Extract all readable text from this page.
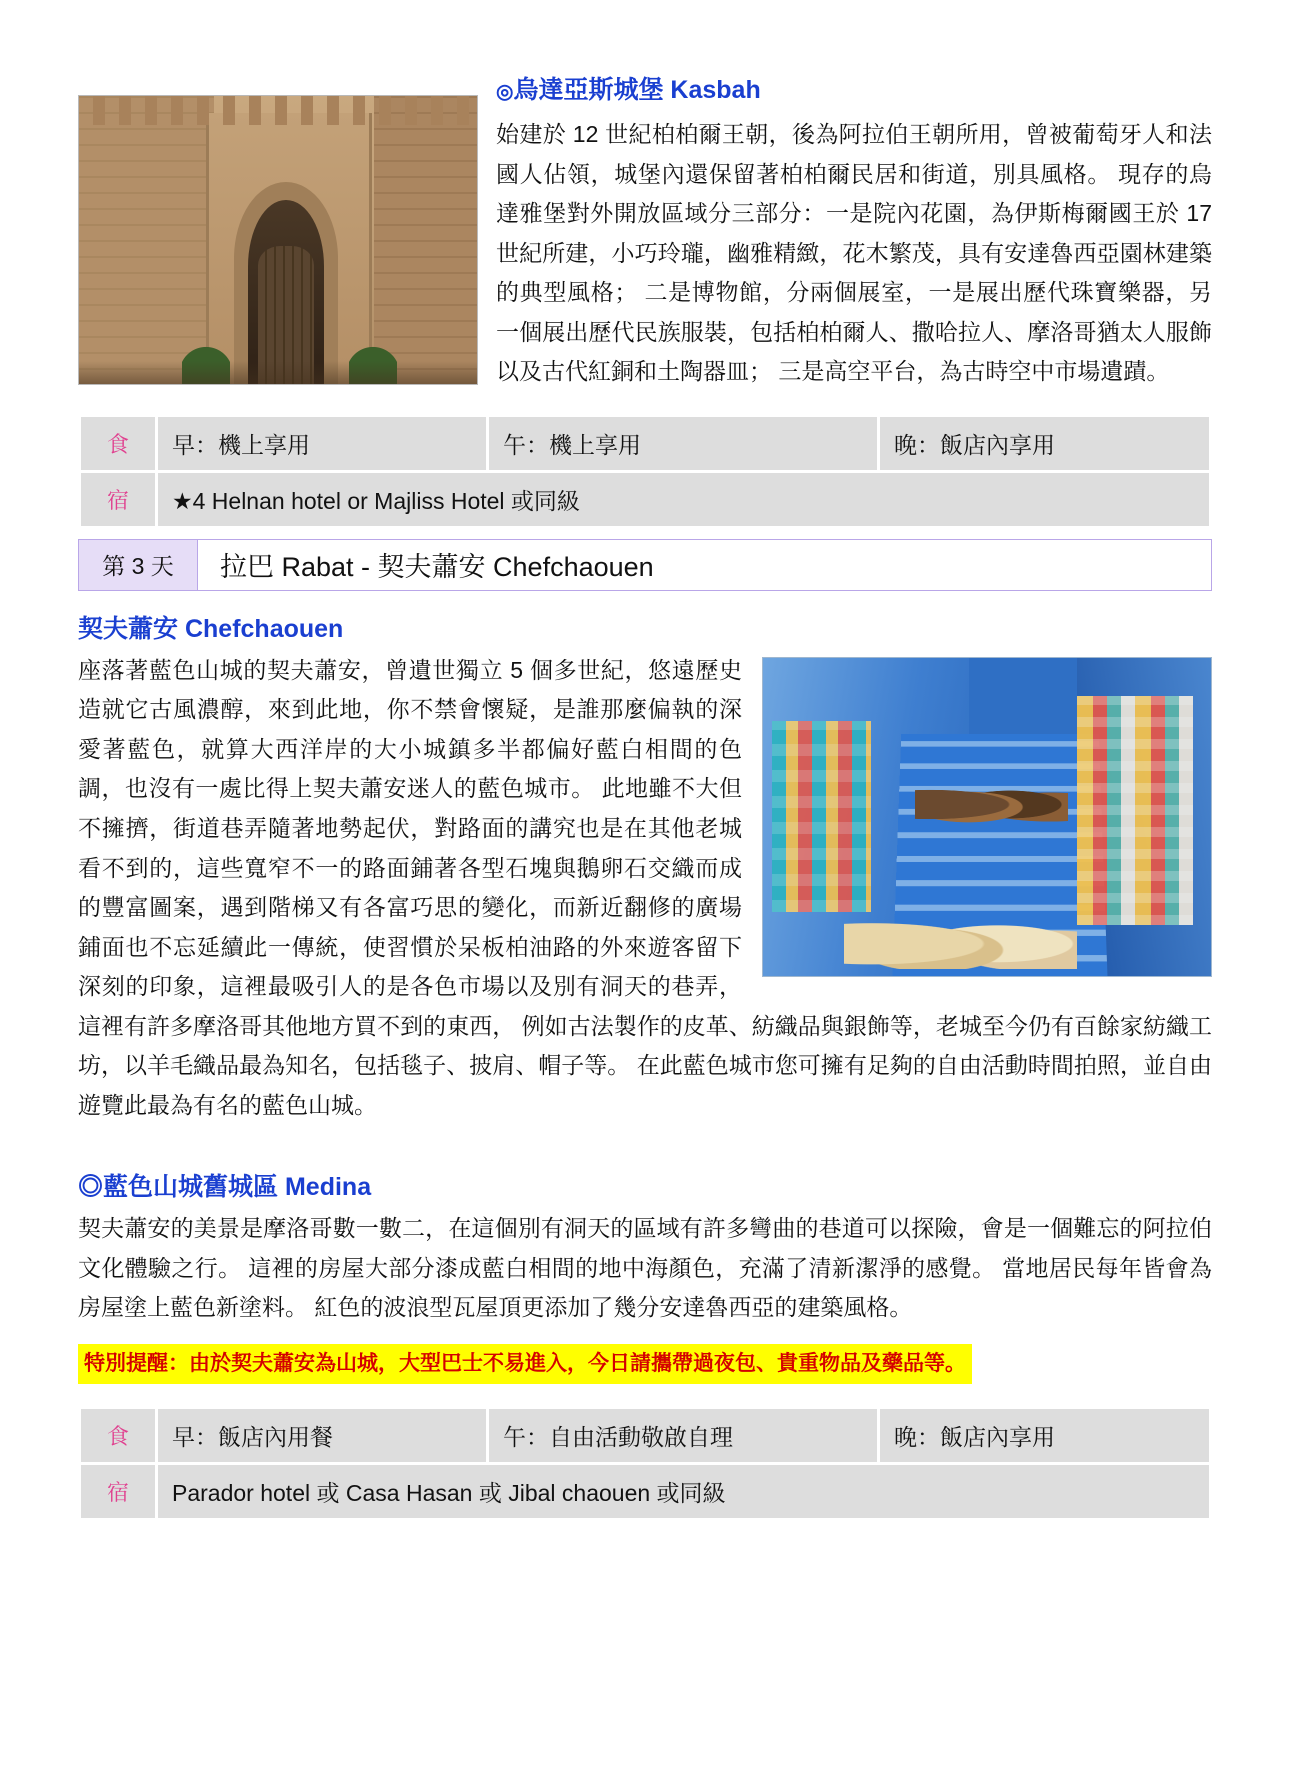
◎烏達亞斯城堡 Kasbah

始建於 12 世紀柏柏爾王朝，後為阿拉伯王朝所用，曾被葡萄牙人和法國人佔領，城堡內還保留著柏柏爾民居和街道，別具風格。 現存的烏達雅堡對外開放區域分三部分：一是院內花園，為伊斯梅爾國王於 17 世紀所建，小巧玲瓏，幽雅精緻，花木繁茂，具有安達魯西亞園林建築的典型風格； 二是博物館，分兩個展室，一是展出歷代珠寶樂器，另一個展出歷代民族服裝，包括柏柏爾人、撒哈拉人、摩洛哥猶太人服飾以及古代紅銅和土陶器皿； 三是高空平台，為古時空中市場遺蹟。

食	早：機上享用	午：機上享用	晚：飯店內享用
宿	★4 Helnan hotel or Majliss Hotel 或同級		
第 3 天	拉巴 Rabat - 契夫蕭安 Chefchaouen
契夫蕭安 Chefchaouen

座落著藍色山城的契夫蕭安，曾遺世獨立 5 個多世紀，悠遠歷史造就它古風濃醇，來到此地，你不禁會懷疑，是誰那麼偏執的深愛著藍色，就算大西洋岸的大小城鎮多半都偏好藍白相間的色調，也沒有一處比得上契夫蕭安迷人的藍色城市。 此地雖不大但不擁擠，街道巷弄隨著地勢起伏，對路面的講究也是在其他老城看不到的，這些寬窄不一的路面鋪著各型石塊與鵝卵石交織而成的豐富圖案，遇到階梯又有各富巧思的變化，而新近翻修的廣場鋪面也不忘延續此一傳統，使習慣於呆板柏油路的外來遊客留下深刻的印象，這裡最吸引人的是各色市場以及別有洞天的巷弄，這裡有許多摩洛哥其他地方買不到的東西， 例如古法製作的皮革、紡織品與銀飾等，老城至今仍有百餘家紡織工坊，以羊毛織品最為知名，包括毯子、披肩、帽子等。 在此藍色城市您可擁有足夠的自由活動時間拍照，並自由遊覽此最為有名的藍色山城。

◎藍色山城舊城區 Medina

契夫蕭安的美景是摩洛哥數一數二，在這個別有洞天的區域有許多彎曲的巷道可以探險，會是一個難忘的阿拉伯文化體驗之行。 這裡的房屋大部分漆成藍白相間的地中海顏色，充滿了清新潔淨的感覺。 當地居民每年皆會為房屋塗上藍色新塗料。 紅色的波浪型瓦屋頂更添加了幾分安達魯西亞的建築風格。

特別提醒：由於契夫蕭安為山城，大型巴士不易進入，今日請攜帶過夜包、貴重物品及藥品等。
食	早：飯店內用餐	午：自由活動敬啟自理	晚：飯店內享用
宿	Parador hotel 或 Casa Hasan 或 Jibal chaouen 或同級		
